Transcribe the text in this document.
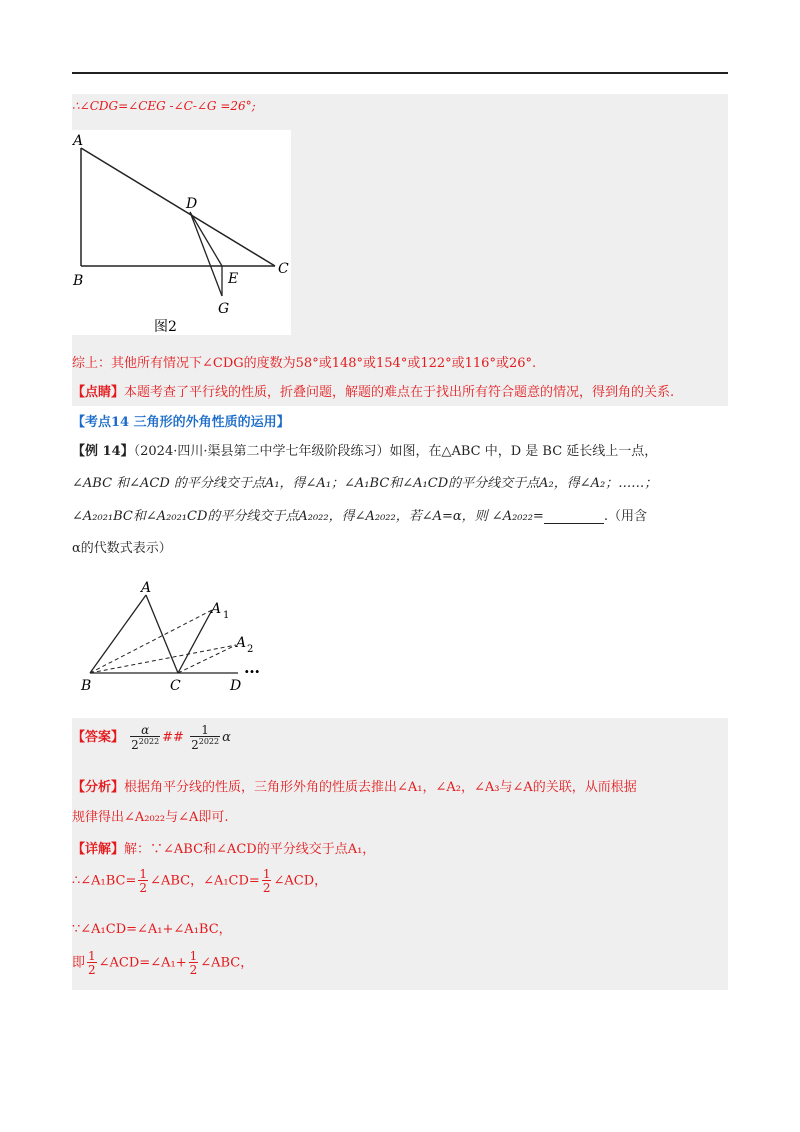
∴∠CDG=∠CEG -∠C-∠G =26°;
A
B
C
D
E
G
图2
综上：其他所有情况下∠CDG的度数为58°或148°或154°或122°或116°或26°.
【点睛】本题考查了平行线的性质，折叠问题，解题的难点在于找出所有符合题意的情况，得到角的关系.
【考点14 三角形的外角性质的运用】
【例 14】（2024·四川·渠县第二中学七年级阶段练习）如图，在△ABC 中，D 是 BC 延长线上一点，
∠ABC 和∠ACD 的平分线交于点A₁，得∠A₁；∠A₁BC和∠A₁CD的平分线交于点A₂，得∠A₂；……；
∠A₂₀₂₁BC和∠A₂₀₂₁CD的平分线交于点A₂₀₂₂，得∠A₂₀₂₂，若∠A=α，则 ∠A₂₀₂₂=	.（用含
α的代数式表示）
A
A 1
A 2
B	C	D
…
【答案】 $\frac{\alpha}{2^{2022}}$ ## $\frac{1}{2^{2022}}$ α
【分析】根据角平分线的性质，三角形外角的性质去推出∠A₁，∠A₂，∠A₃与∠A的关联，从而根据
规律得出∠A₂₀₂₂与∠A即可.
【详解】解：∵∠ABC和∠ACD的平分线交于点A₁，
∴∠A₁BC= $\frac{1}{2}$ ∠ABC，∠A₁CD= $\frac{1}{2}$ ∠ACD，
∵∠A₁CD=∠A₁+∠A₁BC，
即 $\frac{1}{2}$ ∠ACD=∠A₁+ $\frac{1}{2}$ ∠ABC，
